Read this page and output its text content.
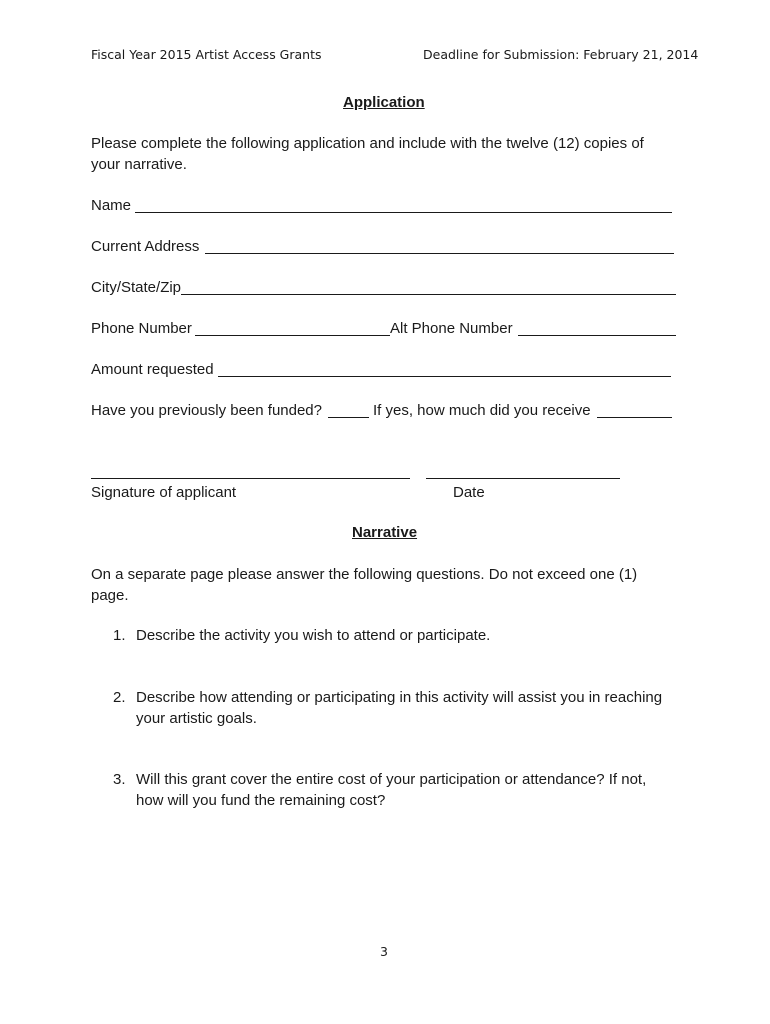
Fiscal Year 2015 Artist Access Grants	Deadline for Submission: February 21, 2014
Application
Please complete the following application and include with the twelve (12) copies of
your narrative.
Name
Current Address
City/State/Zip
Phone Number	Alt Phone Number
Amount requested
Have you previously been funded?	If yes, how much did you receive
Signature of applicant	Date
Narrative
On a separate page please answer the following questions. Do not exceed one (1)
page.
1. Describe the activity you wish to attend or participate.
2. Describe how attending or participating in this activity will assist you in reaching
your artistic goals.
3. Will this grant cover the entire cost of your participation or attendance? If not,
how will you fund the remaining cost?
3
